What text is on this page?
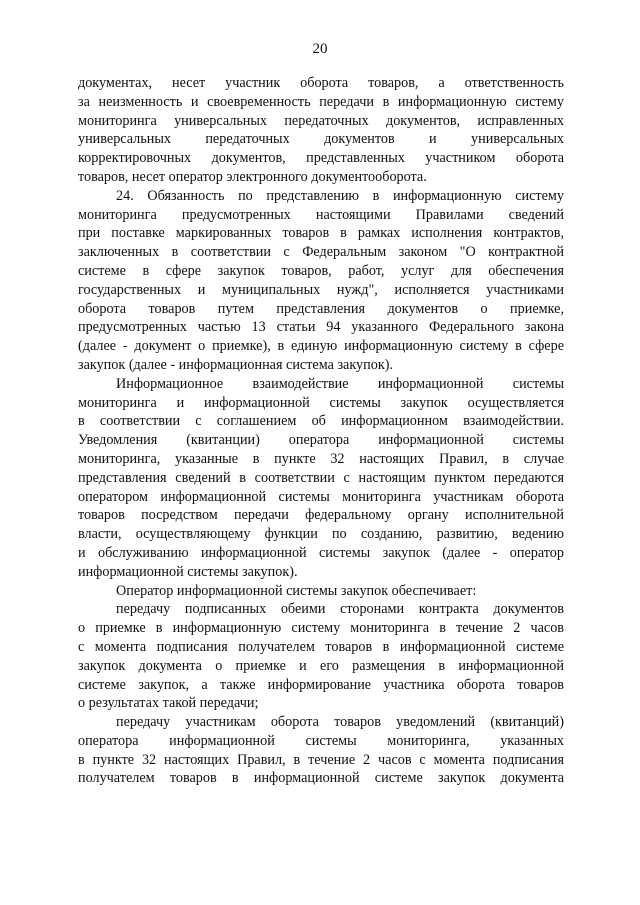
20
документах, несет участник оборота товаров, а ответственность
за неизменность и своевременность передачи в информационную систему
мониторинга универсальных передаточных документов, исправленных
универсальных передаточных документов и универсальных
корректировочных документов, представленных участником оборота
товаров, несет оператор электронного документооборота.
24. Обязанность по представлению в информационную систему
мониторинга предусмотренных настоящими Правилами сведений
при поставке маркированных товаров в рамках исполнения контрактов,
заключенных в соответствии с Федеральным законом "О контрактной
системе в сфере закупок товаров, работ, услуг для обеспечения
государственных и муниципальных нужд", исполняется участниками
оборота товаров путем представления документов о приемке,
предусмотренных частью 13 статьи 94 указанного Федерального закона
(далее - документ о приемке), в единую информационную систему в сфере
закупок (далее - информационная система закупок).
Информационное взаимодействие информационной системы
мониторинга и информационной системы закупок осуществляется
в соответствии с соглашением об информационном взаимодействии.
Уведомления (квитанции) оператора информационной системы
мониторинга, указанные в пункте 32 настоящих Правил, в случае
представления сведений в соответствии с настоящим пунктом передаются
оператором информационной системы мониторинга участникам оборота
товаров посредством передачи федеральному органу исполнительной
власти, осуществляющему функции по созданию, развитию, ведению
и обслуживанию информационной системы закупок (далее - оператор
информационной системы закупок).
Оператор информационной системы закупок обеспечивает:
передачу подписанных обеими сторонами контракта документов
о приемке в информационную систему мониторинга в течение 2 часов
с момента подписания получателем товаров в информационной системе
закупок документа о приемке и его размещения в информационной
системе закупок, а также информирование участника оборота товаров
о результатах такой передачи;
передачу участникам оборота товаров уведомлений (квитанций)
оператора информационной системы мониторинга, указанных
в пункте 32 настоящих Правил, в течение 2 часов с момента подписания
получателем товаров в информационной системе закупок документа
